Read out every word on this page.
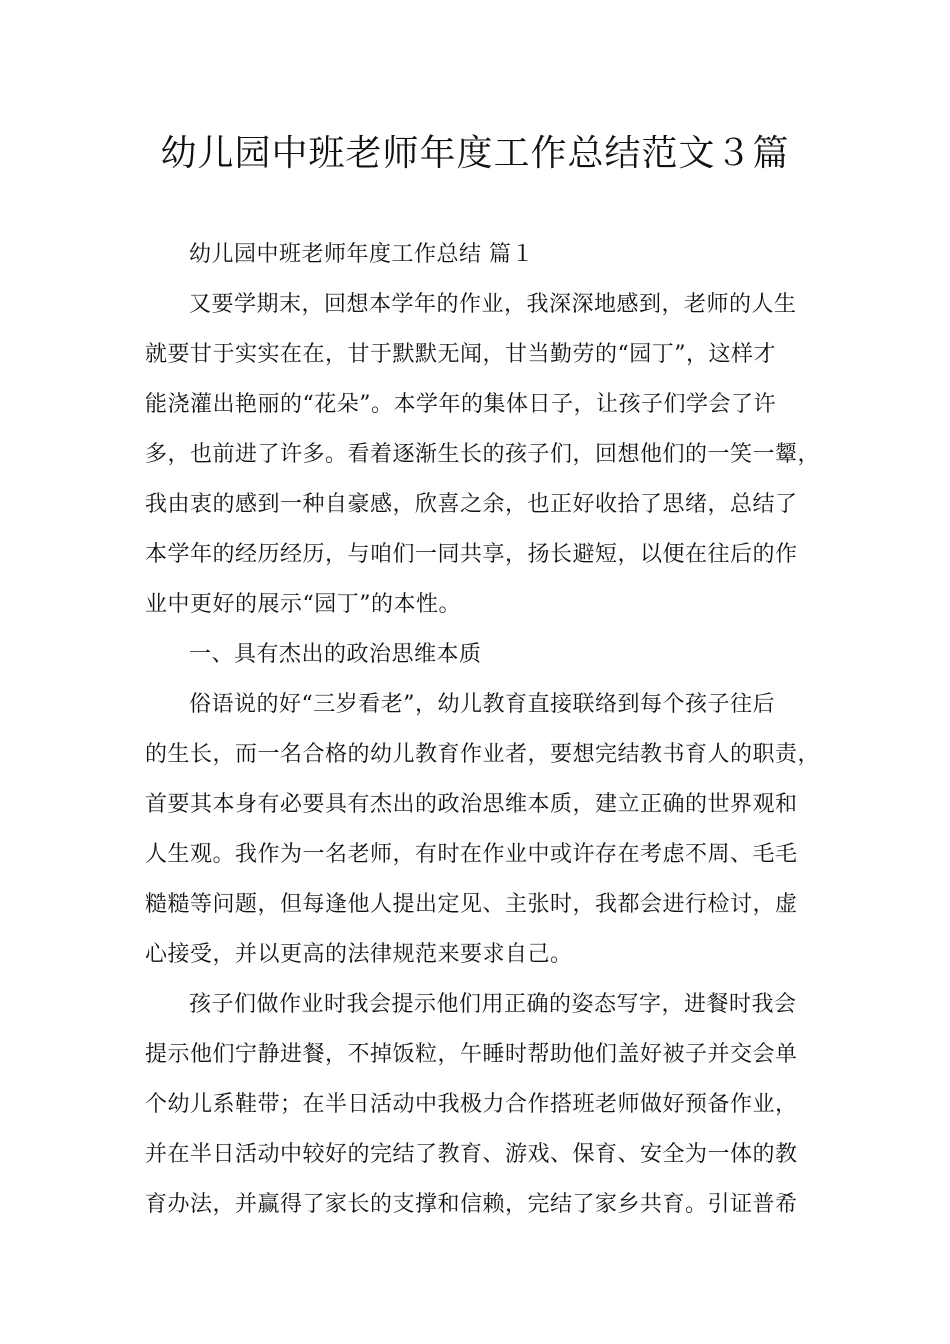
幼儿园中班老师年度工作总结范文３篇
幼儿园中班老师年度工作总结 篇１
又要学期末，回想本学年的作业，我深深地感到，老师的人生
就要甘于实实在在，甘于默默无闻，甘当勤劳的“园丁”，这样才
能浇灌出艳丽的“花朵”。本学年的集体日子，让孩子们学会了许
多，也前进了许多。看着逐渐生长的孩子们，回想他们的一笑一颦，
我由衷的感到一种自豪感，欣喜之余，也正好收拾了思绪，总结了
本学年的经历经历，与咱们一同共享，扬长避短，以便在往后的作
业中更好的展示“园丁”的本性。
一、具有杰出的政治思维本质
俗语说的好“三岁看老”，幼儿教育直接联络到每个孩子往后
的生长，而一名合格的幼儿教育作业者，要想完结教书育人的职责，
首要其本身有必要具有杰出的政治思维本质，建立正确的世界观和
人生观。我作为一名老师，有时在作业中或许存在考虑不周、毛毛
糙糙等问题，但每逢他人提出定见、主张时，我都会进行检讨，虚
心接受，并以更高的法律规范来要求自己。
孩子们做作业时我会提示他们用正确的姿态写字，进餐时我会
提示他们宁静进餐，不掉饭粒，午睡时帮助他们盖好被子并交会单
个幼儿系鞋带；在半日活动中我极力合作搭班老师做好预备作业，
并在半日活动中较好的完结了教育、游戏、保育、安全为一体的教
育办法，并赢得了家长的支撑和信赖，完结了家乡共育。引证普希
